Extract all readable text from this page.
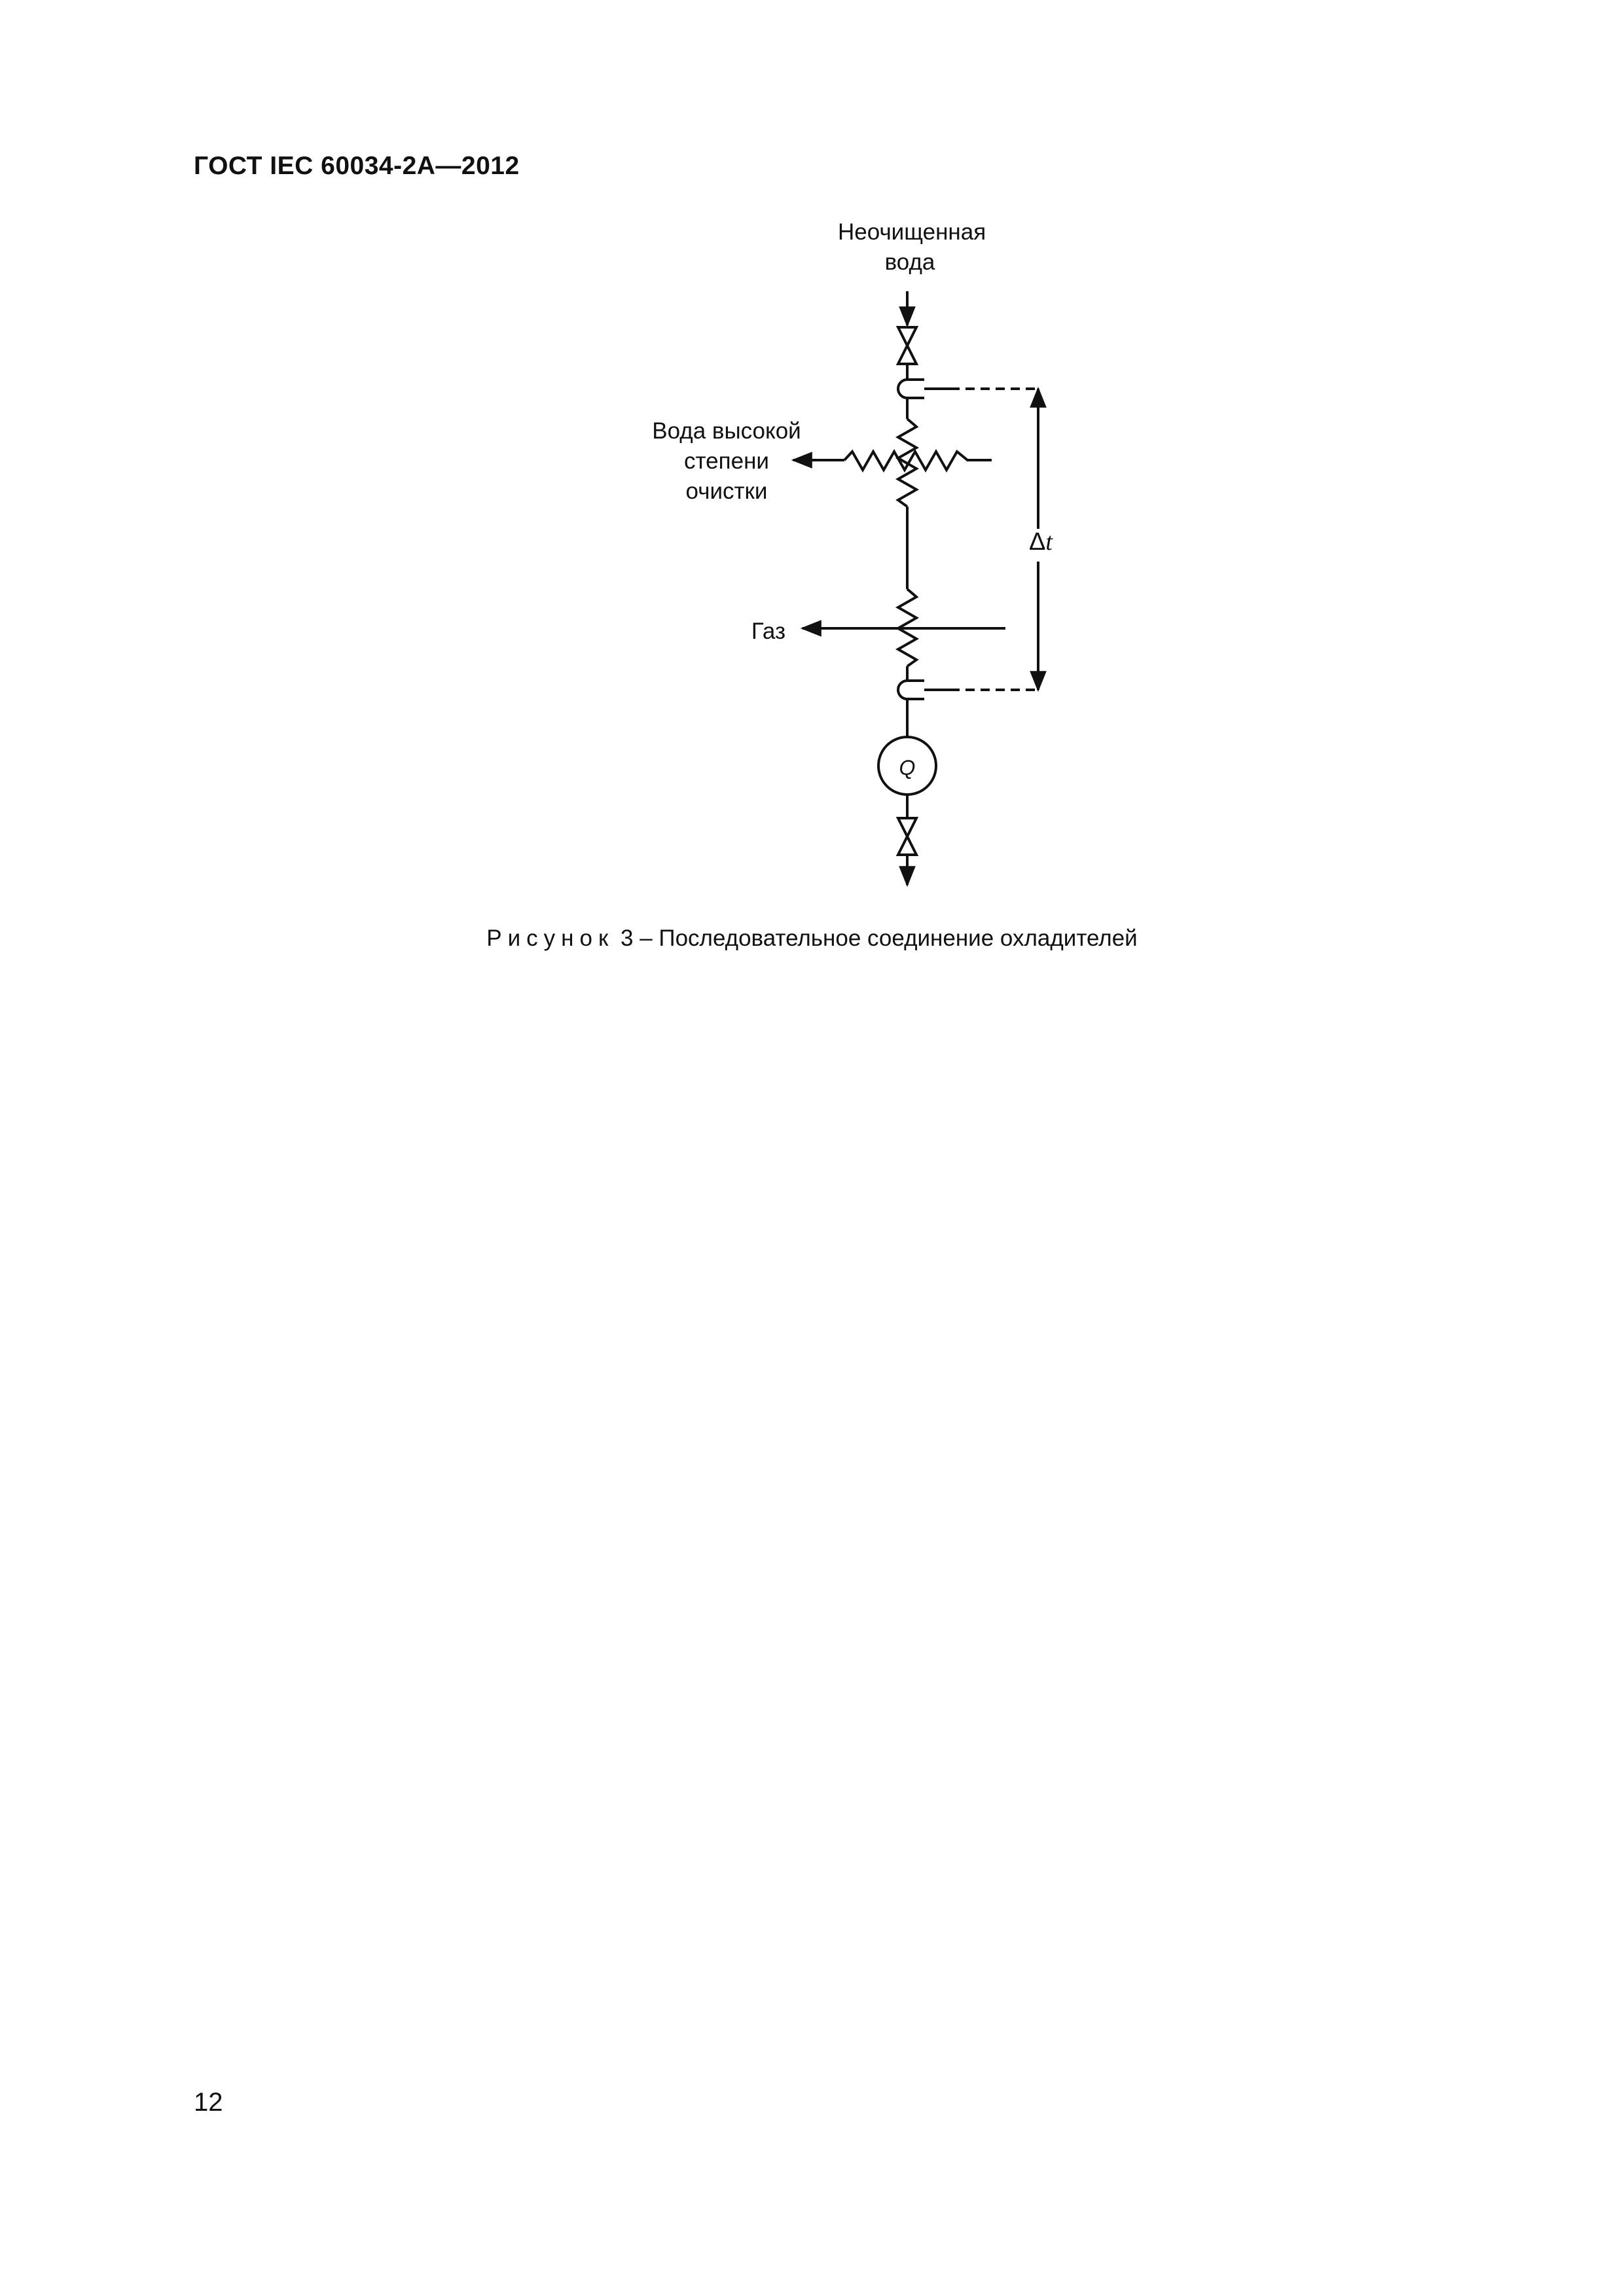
ГОСТ IEC 60034-2A—2012
Неочищенная
вода
Вода высокой
степени
очистки
Газ
Δt
Q
Рисунок 3 – Последовательное соединение охладителей
12
